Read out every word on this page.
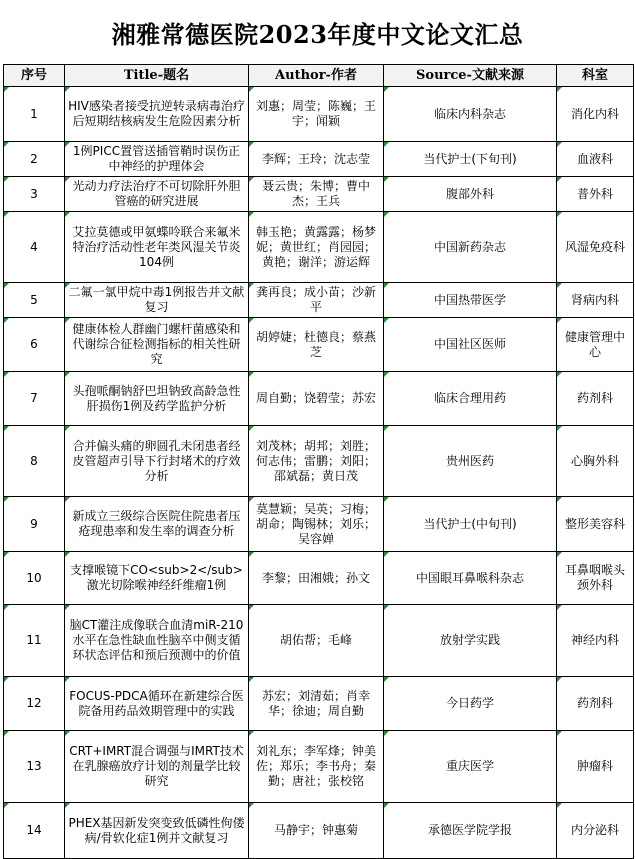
湘雅常德医院2023年度中文论文汇总
序号	Title-题名	Author-作者	Source-文献来源	科室
1	HIV感染者接受抗逆转录病毒治疗后短期结核病发生危险因素分析	刘惠；周莹；陈巍；王宇；闻颖	临床内科杂志	消化内科
2	1例PICC置管送插管鞘时误伤正中神经的护理体会	李辉；王玲；沈志莹	当代护士(下旬刊)	血液科
3	光动力疗法治疗不可切除肝外胆管癌的研究进展	聂云贵；朱博；曹中杰；王兵	腹部外科	普外科
4	艾拉莫德或甲氨蝶呤联合来氟米特治疗活动性老年类风湿关节炎104例	韩玉艳；黄露露；杨梦妮；黄世红；肖园园；黄艳；谢洋；游运辉	中国新药杂志	风湿免疫科
5	二氟一氯甲烷中毒1例报告并文献复习	龚再良；成小苗；沙新平	中国热带医学	肾病内科
6	健康体检人群幽门螺杆菌感染和代谢综合征检测指标的相关性研究	胡婷婕；杜德良；蔡燕芝	中国社区医师	健康管理中心
7	头孢哌酮钠舒巴坦钠致高龄急性肝损伤1例及药学监护分析	周自勤；饶碧莹；苏宏	临床合理用药	药剂科
8	合并偏头痛的卵圆孔未闭患者经皮管超声引导下行封堵术的疗效分析	刘茂林；胡邦；刘胜；何志伟；雷鹏；刘阳；邵斌磊；黄日茂	贵州医药	心胸外科
9	新成立三级综合医院住院患者压疮现患率和发生率的调查分析	莫慧颖；吴英；习梅；胡命；陶锡林；刘乐；吴容婵	当代护士(中旬刊)	整形美容科
10	支撑喉镜下CO<sub>2</sub>激光切除喉神经纤维瘤1例	李黎；田湘娥；孙文	中国眼耳鼻喉科杂志	耳鼻咽喉头颈外科
11	脑CT灌注成像联合血清miR-210水平在急性缺血性脑卒中侧支循环状态评估和预后预测中的价值	胡佑帮；毛峰	放射学实践	神经内科
12	FOCUS-PDCA循环在新建综合医院备用药品效期管理中的实践	苏宏；刘清茹；肖幸华；徐迪；周自勤	今日药学	药剂科
13	CRT+IMRT混合调强与IMRT技术在乳腺癌放疗计划的剂量学比较研究	刘礼东；李军烽；钟美佐；郑乐；李书舟；秦勤；唐社；张校铭	重庆医学	肿瘤科
14	PHEX基因新发突变致低磷性佝偻病/骨软化症1例并文献复习	马静宇；钟惠菊	承德医学院学报	内分泌科
